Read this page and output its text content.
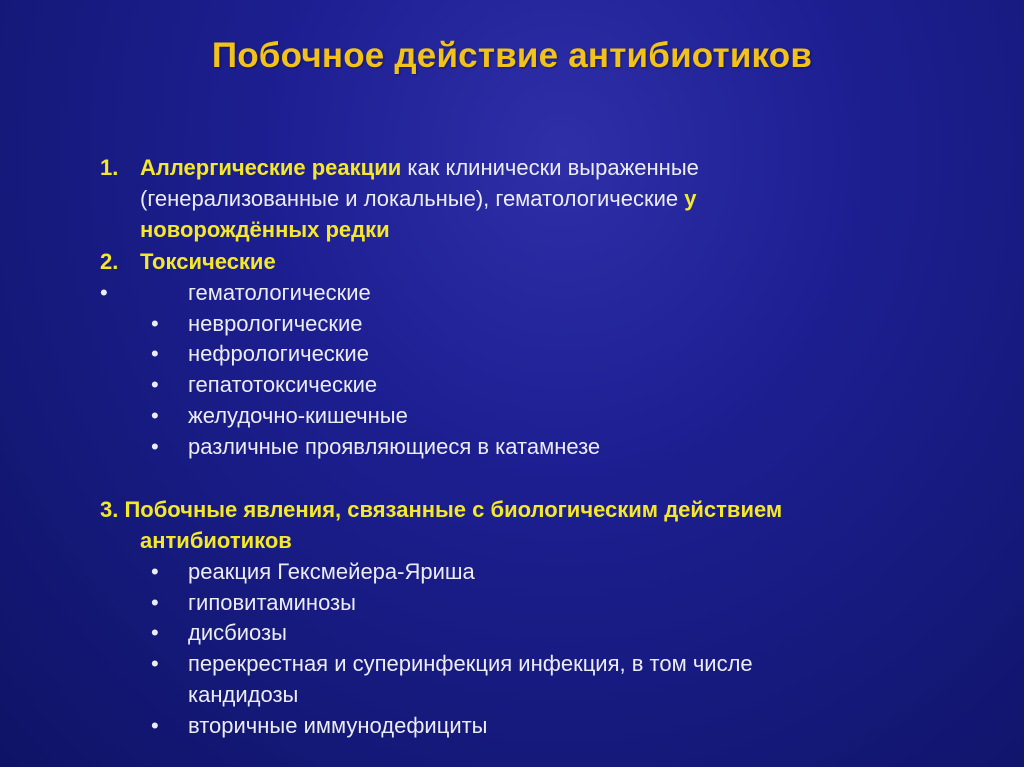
Побочное действие антибиотиков
1. Аллергические реакции как клинически выраженные
(генерализованные и локальные), гематологические у
новорождённых редки
2. Токсические
•	гематологические
• неврологические
• нефрологические
• гепатотоксические
• желудочно-кишечные
• различные проявляющиеся в катамнезе
3. Побочные явления, связанные с биологическим действием
антибиотиков
• реакция Гексмейера-Яриша
• гиповитаминозы
• дисбиозы
• перекрестная и суперинфекция инфекция, в том числе
кандидозы
• вторичные иммунодефициты
